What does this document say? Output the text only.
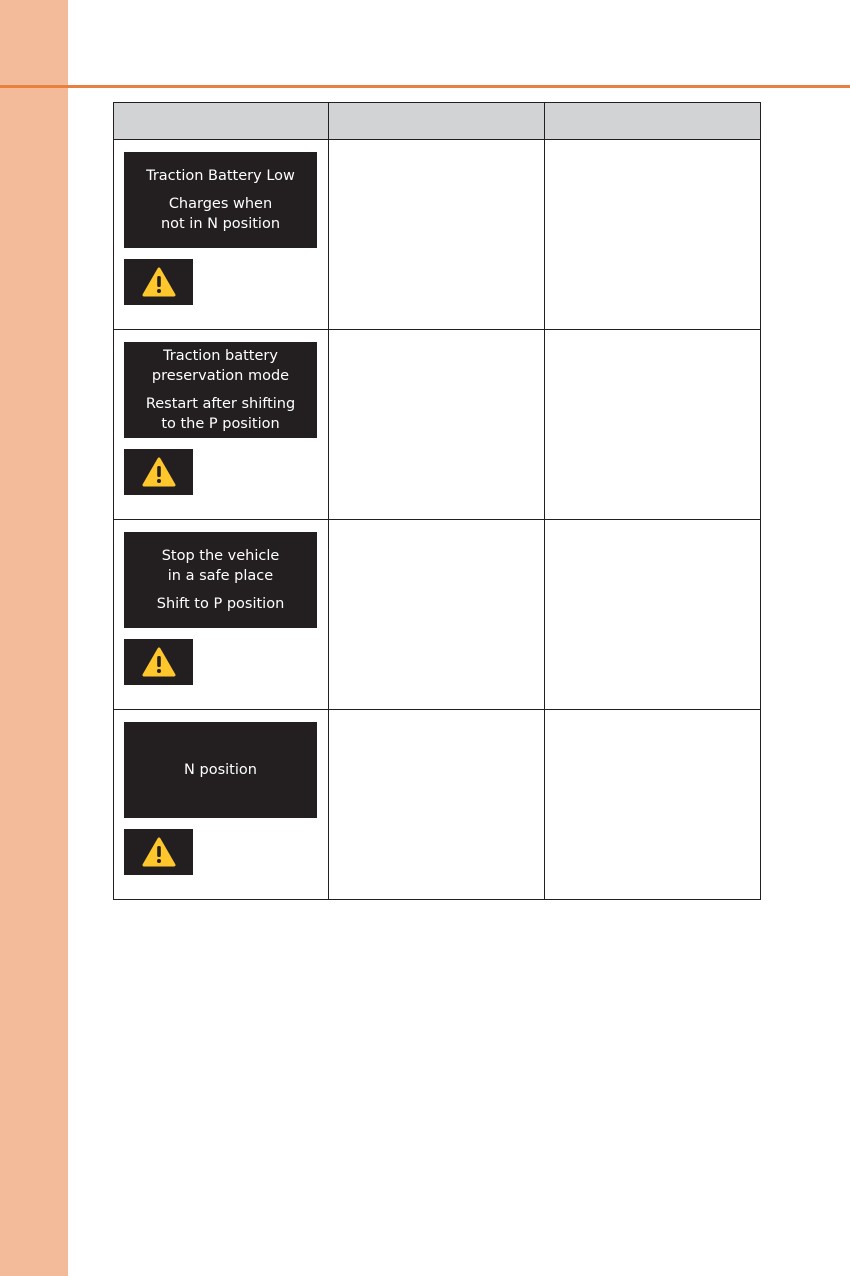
Traction Battery Low
Charges when
not in N position		

Traction battery
preservation mode
Restart after shifting
to the P position		

Stop the vehicle
in a safe place
Shift to P position		

N position		
